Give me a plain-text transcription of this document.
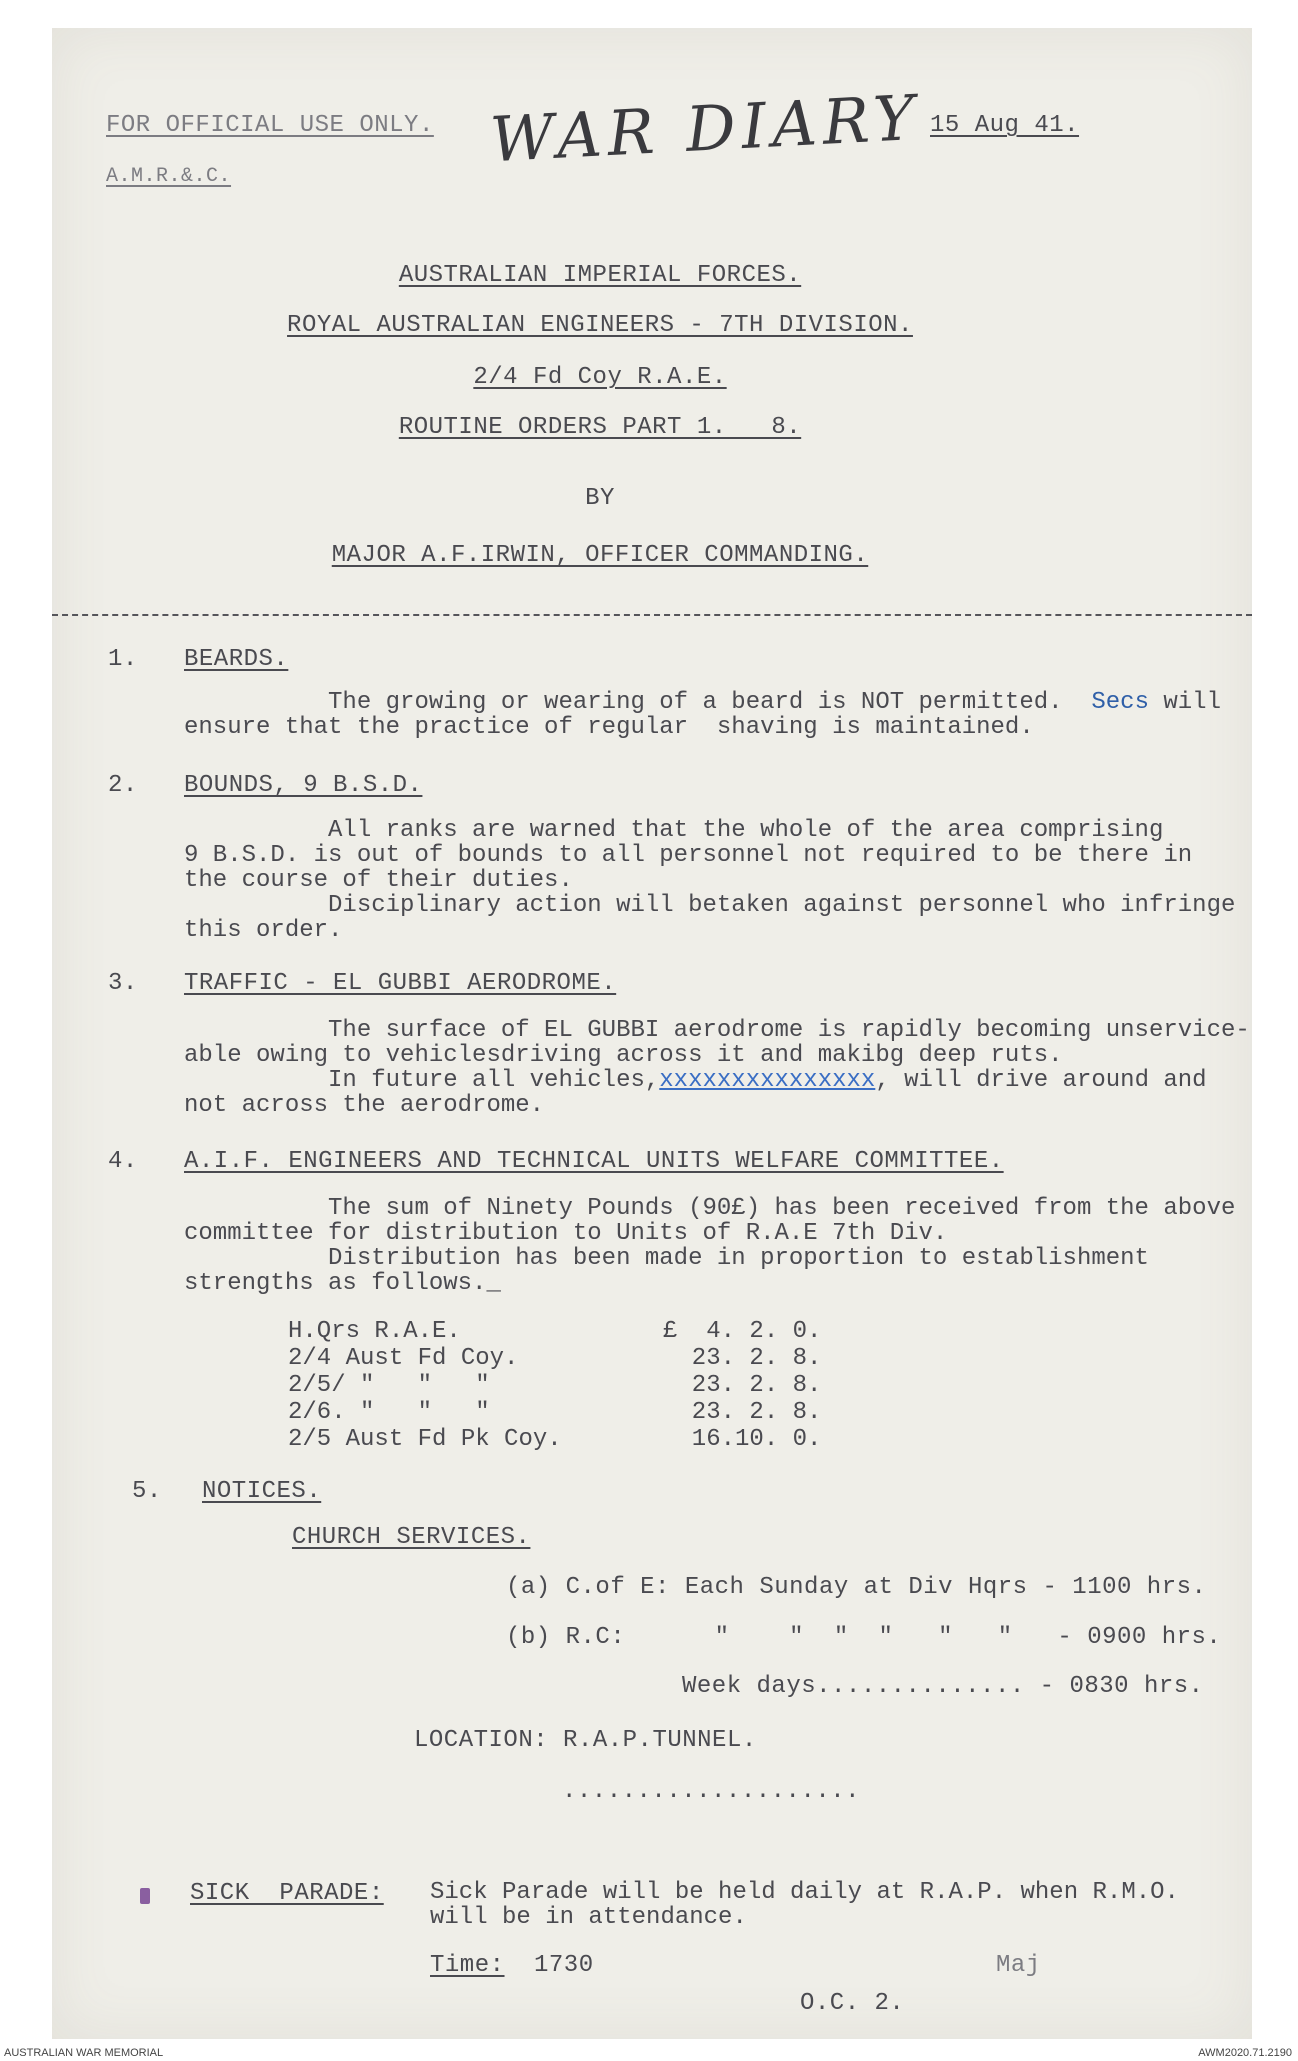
FOR OFFICIAL USE ONLY.
A.M.R.&.C.
WAR DIARY 15 Aug 41.
AUSTRALIAN IMPERIAL FORCES.
ROYAL AUSTRALIAN ENGINEERS - 7TH DIVISION.
2/4 Fd Coy R.A.E.
ROUTINE ORDERS PART 1.   8.
BY
MAJOR A.F.IRWIN, OFFICER COMMANDING.
1. BEARDS.
The growing or wearing of a beard is NOT permitted.  Secs will
ensure that the practice of regular  shaving is maintained.
2. BOUNDS, 9 B.S.D.
All ranks are warned that the whole of the area comprising
9 B.S.D. is out of bounds to all personnel not required to be there in
the course of their duties.
Disciplinary action will betaken against personnel who infringe
this order.
3. TRAFFIC - EL GUBBI AERODROME.
The surface of EL GUBBI aerodrome is rapidly becoming unservice-
able owing to vehiclesdriving across it and makibg deep ruts.
In future all vehicles,xxxxxxxxxxxxxxx, will drive around and
not across the aerodrome.
4. A.I.F. ENGINEERS AND TECHNICAL UNITS WELFARE COMMITTEE.
The sum of Ninety Pounds (90£) has been received from the above
committee for distribution to Units of R.A.E 7th Div.
Distribution has been made in proportion to establishment
strengths as follows._
H.Qrs R.A.E.	£  4. 2. 0.
2/4 Aust Fd Coy.	23. 2. 8.
2/5/ "   "   "	23. 2. 8.
2/6. "   "   "	23. 2. 8.
2/5 Aust Fd Pk Coy.	16.10. 0.
5. NOTICES.
CHURCH SERVICES.
(a) C.of E: Each Sunday at Div Hqrs - 1100 hrs.
(b) R.C:      "    "  "  "   "   "   - 0900 hrs.
Week days.............. - 0830 hrs.
LOCATION: R.A.P.TUNNEL.
....................
SICK  PARADE: Sick Parade will be held daily at R.A.P. when R.M.O.
will be in attendance.
Time: 1730	Maj
O.C. 2.
AUSTRALIAN WAR MEMORIAL	AWM2020.71.2190
